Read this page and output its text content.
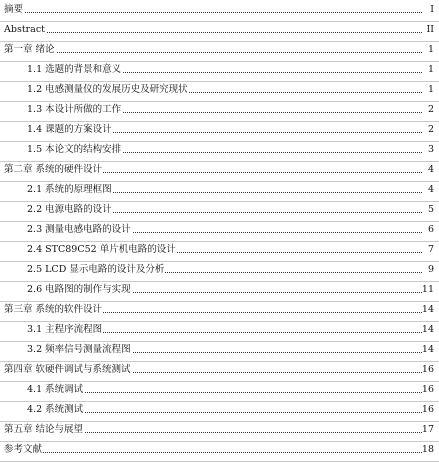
摘要	I
Abstract	II
第一章 绪论	1
1.1 选题的背景和意义	1
1.2 电感测量仪的发展历史及研究现状	1
1.3 本设计所做的工作	2
1.4 课题的方案设计	2
1.5 本论文的结构安排	3
第二章 系统的硬件设计	4
2.1 系统的原理框图	4
2.2 电源电路的设计	5
2.3 测量电感电路的设计	6
2.4 STC89C52 单片机电路的设计	7
2.5 LCD 显示电路的设计及分析	9
2.6 电路图的制作与实现	11
第三章 系统的软件设计	14
3.1 主程序流程图	14
3.2 频率信号测量流程图	14
第四章 软硬件调试与系统测试	16
4.1 系统调试	16
4.2 系统测试	16
第五章 结论与展望	17
参考文献	18
